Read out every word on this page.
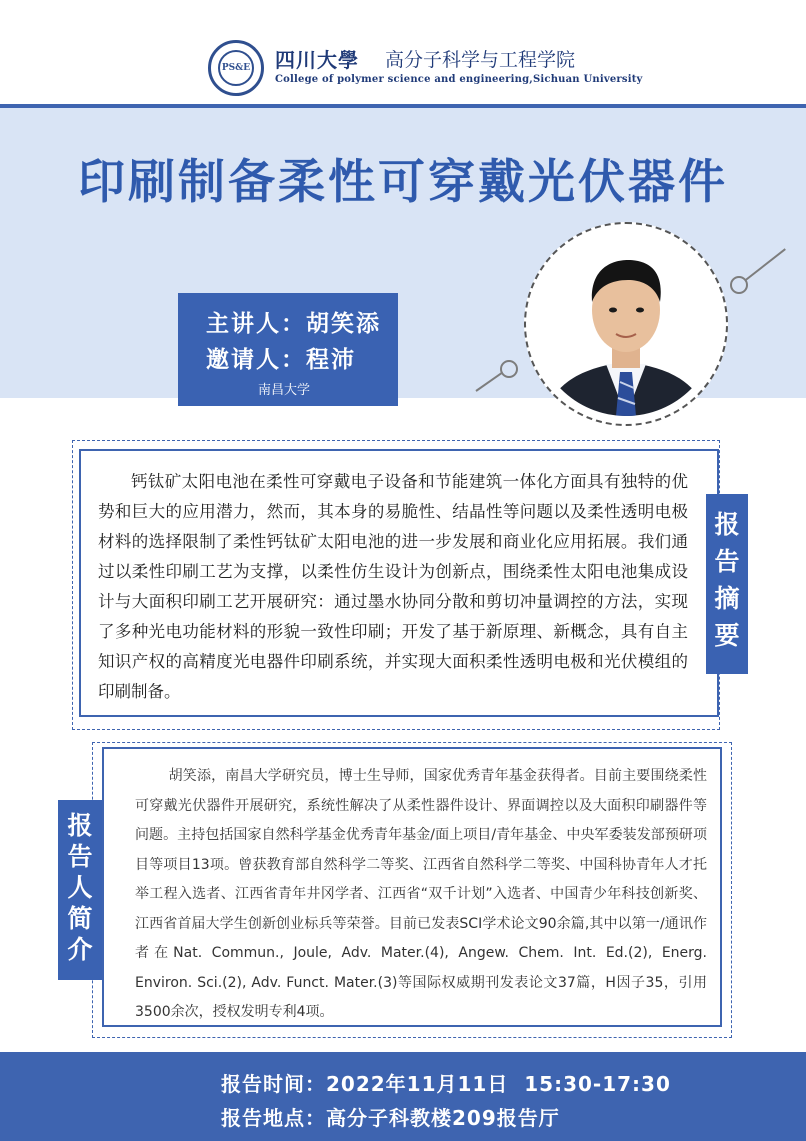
PS&E 四川大學 高分子科学与工程学院
College of polymer science and engineering,Sichuan University
印刷制备柔性可穿戴光伏器件
主讲人：胡笑添
邀请人：程沛
南昌大学
钙钛矿太阳电池在柔性可穿戴电子设备和节能建筑一体化方面具有独特的优势和巨大的应用潜力，然而，其本身的易脆性、结晶性等问题以及柔性透明电极材料的选择限制了柔性钙钛矿太阳电池的进一步发展和商业化应用拓展。我们通过以柔性印刷工艺为支撑，以柔性仿生设计为创新点，围绕柔性太阳电池集成设计与大面积印刷工艺开展研究：通过墨水协同分散和剪切冲量调控的方法，实现了多种光电功能材料的形貌一致性印刷；开发了基于新原理、新概念，具有自主知识产权的高精度光电器件印刷系统，并实现大面积柔性透明电极和光伏模组的印刷制备。
报告摘要
胡笑添，南昌大学研究员，博士生导师，国家优秀青年基金获得者。目前主要围绕柔性可穿戴光伏器件开展研究，系统性解决了从柔性器件设计、界面调控以及大面积印刷器件等问题。主持包括国家自然科学基金优秀青年基金/面上项目/青年基金、中央军委装发部预研项目等项目13项。曾获教育部自然科学二等奖、江西省自然科学二等奖、中国科协青年人才托举工程入选者、江西省青年井冈学者、江西省“双千计划”入选者、中国青少年科技创新奖、江西省首届大学生创新创业标兵等荣誉。目前已发表SCI学术论文90余篇,其中以第一/通讯作者在Nat. Commun., Joule, Adv. Mater.(4), Angew. Chem. Int. Ed.(2), Energ. Environ. Sci.(2), Adv. Funct. Mater.(3)等国际权威期刊发表论文37篇，H因子35，引用3500余次，授权发明专利4项。
报告人简介
报告时间：2022年11月11日  15:30-17:30
报告地点：高分子科教楼209报告厅
